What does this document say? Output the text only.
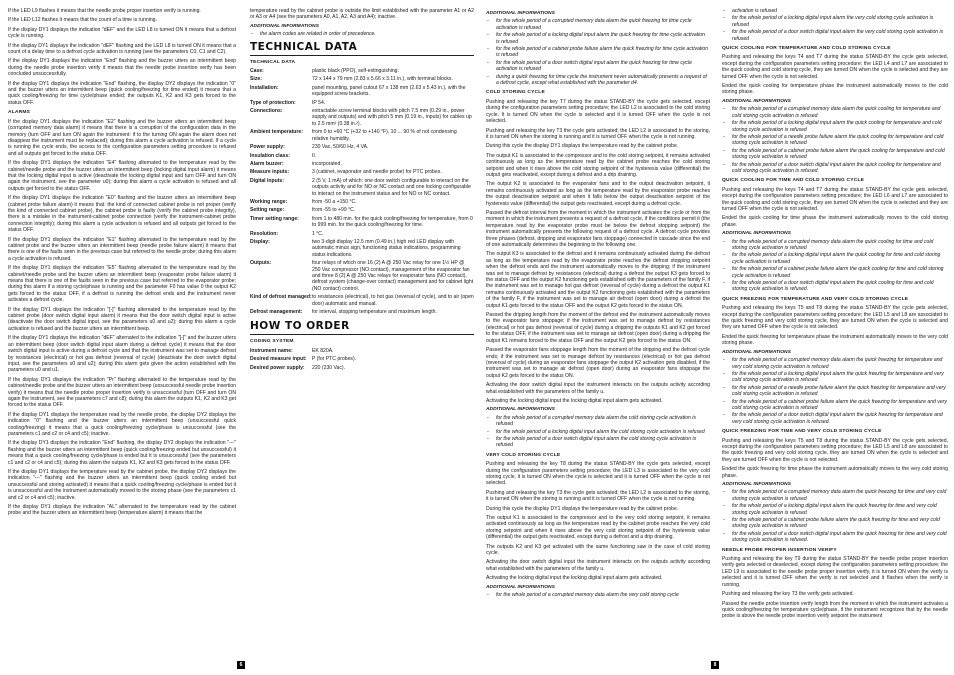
If the LED L9 flashes it means that the needle probe proper insertion verify is running.

If the LED L12 flashes it means that the count of a time is running.

If the display DY1 displays the indication "dEF" and the LED L8 is turned ON it means that a defrost cycle is running.

If the display DY1 displays the indication "dEF" flashing and the LED L8 is turned ON it means that a count of a delay time to a defrost cycle activation is running (see the parameters C0, C1 and C2).

If the display DY1 displays the indication "End" flashing and the buzzer utters an intermittent beep during the needle probe insertion verify it means that the needle probe insertion verify has been concluded unsuccessfully.

If the display DY1 displays the indication "End" flashing, the display DY2 displays the indication "0" and the buzzer utters an intermittent beep (quick cooling/freezing for time ended) it means that a quick cooling/freezing for time cycle/phase ended; the outputs K1, K2 and K3 gets forced to the status OFF.

ALARMS

If the display DY1 displays the indication "E2" flashing and the buzzer utters an intermittent beep (corrupted memory data alarm) it means that there is a corruption of the configuration data in the memory (turn OFF and turn ON again the instrument: if to the turning ON again the alarm does not disappear the instrument must be replaced); during this alarm a cycle activation is refused. If a cycle is running the cycle ends, the access to the configuration parameters setting procedure is refused and all outputs get forced to the status OFF.

If the display DY1 displays the indication "E4" flashing alternated to the temperature read by the cabinet/needle probe and the buzzer utters an intermittent beep (locking digital input alarm) it means that the locking digital input is active (deactivate the locking digital input and turn OFF and turn ON again the instrument, see the parameter u0); during this alarm a cycle activation is refused and all outputs get forced to the status OFF.

If the display DY1 displays the indication "E0" flashing and the buzzer utters an intermittent beep (cabinet probe failure alarm) it means that: the kind of connected cabinet probe is not proper (verify the kind of connected cabinet probe), the cabinet probe is faulty (verify the cabinet probe integrity), there is a mistake in the instrument-cabinet probe connection (verify the instrument-cabinet probe connection integrity); during this alarm a cycle activation is refused and all outputs get forced to the status OFF.

If the display DY1 displays the indication "E1" flashing alternated to the temperature read by the cabinet probe and the buzzer utters an intermittent beep (needle probe failure alarm) it means that there is one of the faults seen in the previous case but referred to the needle probe; during this alarm a cycle activation is refused.

If the display DY1 displays the indication "E5" flashing alternated to the temperature read by the cabinet/needle probe and the buzzer utters an intermittent beep (evaporator probe failure alarm) it means that there is one of the faults seen in the previous case but referred to the evaporator probe; during this alarm if a storing cycle/phase is running and the parameter F0 has value 0 the output K2 gets forced to the status OFF, if a defrost is running the defrost ends and the instrument never activates a defrost cycle.

If the display DY1 displays the indication "[-]" flashing alternated to the temperature read by the cabinet probe (door switch digital input alarm) it means that the door switch digital input is active (deactivate the door switch digital input, see the parameters u0 and u2); during this alarm a cycle activation is refused and the buzzer utters an intermittent beep.

If the display DY1 displays the indication "dEF" alternated to the indication "[-]" and the buzzer utters an intermittent beep (door switch digital input alarm during a defrost cycle) it means that the door switch digital input is active during a defrost cycle and that the instrument was set to manage defrost by resistances (electrical) or hot gas defrost (reversal of cycle) (deactivate the door switch digital input, see the parameters u0 and u2); during this alarm gets given the action established with the parameters u0 and u1.

If the display DY1 displays the indication "Pr" flashing alternated to the temperature read by the cabinet/needle probe and the buzzer utters an intermittent beep (unsuccessful needle probe insertion verify) it means that the needle probe proper insertion verify is unsuccessful (turn OFF and turn ON again the instrument, see the parameters c7 and c8); during this alarm the outputs K1, K2 and K3 get forced to the status OFF.

If the display DY1 displays the temperature read by the needle probe, the display DY2 displays the indication "0" flashing and the buzzer utters an intermittent beep (unsuccessful quick cooling/freezing) it means that a quick cooling/freezing cycle/phase is unsuccessful (see the parameters c1 and c2 or c4 and c5); inactive.

If the display DY1 displays the indication "End" flashing, the display DY2 displays the indication "---" flashing and the buzzer utters an intermittent beep (quick cooling/freezing ended but unsuccessful) it means that a quick cooling/freezing cycle/phase is ended but it is unsuccessful (see the parameters c1 and c2 or c4 and c5); during this alarm the outputs K1, K2 and K3 gets forced to the status OFF.

If the display DY1 displays the temperature read by the cabinet probe, the display DY2 displays the indication "---" flashing and the buzzer utters an intermittent beep (quick cooling ended but unsuccessful and storing activated) it means that a quick cooling/freezing cycle/phase is ended but it is unsuccessful and the instrument automatically moved to the storing phase (see the parameters c1 and c2 or c4 and c5); inactive.

If the display DY1 displays the indication "AL" alternated to the temperature read by the cabinet probe and the buzzer utters an intermittent beep (temperature alarm) it means that the

6

temperature read by the cabinet probe is outside the limit established with the parameter A1 or A2 or A3 or A4 (see the parameters A0, A1, A2, A3 and A4); inactive.

ADDITIONAL INFORMATIONS
- the alarm codes are related in order of precedence.
TECHNICAL DATA
TECHNICAL DATA
Case:	plastic black (PPO), self-extinguishing.
Size:	72 x 144 x 79 mm (2.83 x 5.66 x 3.11 in.), with terminal blocks.
Installation:	panel mounting, panel cutout 67 x 138 mm (2.63 x 5.43 in.), with the equipped screw brackets.
Type of protection:	IP 54.
Connections:	extractable screw terminal blocks with pitch 7.5 mm (0.29 in., power supply and outputs) and with pitch 5 mm (0.19 in., inputs) for cables up to 2.5 mm² (0.38 in.²).
Ambient temperature:	from 0 to +60 °C (+32 to +140 °F), 10 ... 90 % of not condensing relative humidity.
Power supply:	230 Vac, 50/60 Hz, 4 VA.
Insulation class:	II.
Alarm buzzer:	incorporated.
Measure inputs:	3 (cabinet, evaporator and needle probe) for PTC probes.
Digital inputs:	2 (5 V, 1 mA) of which: one door switch configurable to interact on the outputs activity and for NO or NC contact and one locking configurable to interact on the instrument status and for NO or NC contact.
Working range:	from -50 a +150 °C.
Setting range:	from -55 to +99 °C.
Timer setting range:	from 1 to 480 min. for the quick cooling/freezing for temperature, from 0 to 999 min. for the quick cooling/freezing for time.
Resolution:	1 °C.
Display:	two 3-digit display 12.5 mm (0.49 in.) high red LED display with automatic minus sign, functioning status indications, programming status indications.
Outputs:	four relays of which one 16 (2) A @ 250 Vac relay for one 1½ HP @ 250 Vac compressor (NO contact), management of the evaporator fan and three 8 (2) A @ 250 Vac relays for evaporator fans (NO contact), defrost system (change-over contact) management and for cabinet light (NO contact) control.
Kind of defrost managed:	to resistances (electrical), to hot gas (reversal of cycle), and to air (open door) automatic and manual.
Defrost management:	for interval, stopping temperature and maximum length.
HOW TO ORDER
CODING SYSTEM
Instrument name:	EK 820A.
Desired measure input:	P (for PTC probes).
Desired power supply:	220 (230 Vac).
ADDITIONAL INFORMATIONS
- for the whole period of a corrupted memory data alarm the quick freezing for time cycle activation is refused
- for the whole period of a locking digital input alarm the quick freezing for time cycle activation is refused
- for the whole period of a cabinet probe failure alarm the quick freezing for time cycle activation is refused
- for the whole period of a door switch digital input alarm the quick freezing for time cycle activation is refused
- during a quick freezing for time cycle the instrument never automatically presents a request of a defrost cycle, except what established with the parameter d4.
COLD STORING CYCLE

Pushing and releasing the key T7 during the status STAND-BY the cycle gets selected, except during the configuration parameters setting procedure; the LED L2 is associated to the cold storing cycle. It is turned ON when the cycle is selected and it is turned OFF when the cycle is not selected.

Pushing and releasing the key T3 the cycle gets activated; the LED L2 is associated to the storing, it is turned ON when the storing is running and it is turned OFF when the cycle is not running.

During this cycle the display DY1 displays the temperature read by the cabinet probe.

The output K1 is associated to the compressor and to the cold storing setpoint, it remains activated continuously as long as the temperature read by the cabinet probe reaches the cold storing setpoint and when it rises above the cold storing setpoint of the hysteresis value (differential) the output gets reactivated, except during a defrost and a drip draining.

The output K2 is associated to the evaporator fans and to the output deactivation setpoint, it remains continuously activated as long as the temperature read by the evaporator probe reaches the output deactivation setpoint and when it falls below the output deactivation setpoint of the hysteresis value (differential) the output gets reactivated, except during a defrost cycle.

Passed the defrost interval from the moment in which the instrument activates the cycle or from the moment in which the instrument presents a request of a defrost cycle, if the conditions permit it (the temperature read by the evaporator probe must be below the defrost stopping setpoint) the instrument automatically presents the following request of a defrost cycle. A defrost cycle provides three phases (defrost, dripping and evaporator fans stoppage) connected in cascade since the end of one automatically determines the beginning to the following one.

The output K3 is associated to the defrost and it remains continuously activated during the defrost as long as the temperature read by the evaporator probe reaches the defrost stopping setpoint when the defrost ends and the instrument automatically moves to the dripping; if the instrument was set to manage defrost by resistances (electrical) during a defrost the output K3 gets forced to the status OFF and the output K2 functioning gets established with the parameters of the family F, if the instrument was set to manage hot gas defrost (reversal of cycle) during a defrost the output K1 remains continuously activated and the output K2 functioning gets established with the parameters of the family F, if the instrument was set to manage air defrost (open door) during a defrost the output K1 gets forced to the status OFF and the output K2 gets forced to the status ON.

Passed the dripping length from the moment of the defrost end the instrument automatically moves to the evaporator fans stoppage; if the instrument was set to manage defrost by resistances (electrical) or hot gas defrost (reversal of cycle) during a dripping the outputs K1 and K2 get forced to the status OFF, if the instrument was set to manage air defrost (open door) during a dripping the output K1 remains forced to the status OFF and the output K2 gets forced to the status ON.

Passed the evaporator fans stoppage length from the moment of the dripping end the defrost cycle ends; if the instrument was set to manage defrost by resistances (electrical) or hot gas defrost (reversal of cycle) during an evaporator fans stoppage the output K2 activation gets disabled, if the instrument was set to manage air defrost (open door) during an evaporator fans stoppage the output K2 gets forced to the status ON.

Activating the door switch digital input the instrument interacts on the outputs activity according what established with the parameters of the family u.

Activating the locking digital input the locking digital input alarm gets activated.

ADDITIONAL INFORMATIONS
- for the whole period of a corrupted memory data alarm the cold storing cycle activation is refused
- for the whole period of a locking digital input alarm the cold storing cycle activation is refused
- for the whole period of a door switch digital input alarm the cold storing cycle activation is refused
VERY COLD STORING CYCLE

Pushing and releasing the key T8 during the status STAND-BY the cycle gets selected, except during the configuration parameters setting procedure; the LED L3 is associated to the very cold storing cycle, it is turned ON when the cycle is selected and it is turned OFF when the cycle is not selected.

Pushing and releasing the key T3 the cycle gets activated; the LED L2 is associated to the storing, it is turned ON when the storing is running and it is turned OFF when the cycle is not running.

During this cycle the display DY1 displays the temperature read by the cabinet probe.

The output K1 is associated to the compressor and to the very cold storing setpoint, it remains activated continuously as long as the temperature read by the cabinet probe reaches the very cold storing setpoint and when it rises above the very cold storing setpoint of the hysteresis value (differential) the output gets reactivated, except during a defrost and a drip draining.

The outputs K2 and K3 get activated with the same functioning saw in the case of cold storing cycle.

Activating the door switch digital input the instrument interacts on the outputs activity according what established with the parameters of the family u.

Activating the locking digital input the locking digital input alarm gets activated.

ADDITIONAL INFORMATIONS
- for the whole period of a corrupted memory data alarm the very cold storing cycle
- activation is refused
- for the whole period of a locking digital input alarm the very cold storing cycle activation is refused
- for the whole period of a door switch digital input alarm the very cold storing cycle activation is refused
QUICK COOLING FOR TEMPERATURE AND COLD STORING CYCLE

Pushing and releasing the keys T4 and T7 during the status STAND-BY the cycle gets selected, except during the configuration parameters setting procedure; the LED L4 and L7 are associated to the quick cooling and cold storing cycle, they are turned ON when the cycle is selected and they are turned OFF when the cycle is not selected.

Ended the quick cooling for temperature phase the instrument automatically moves to the cold storing phase.

ADDITIONAL INFORMATIONS
- for the whole period of a corrupted memory data alarm the quick cooling for temperature and cold storing cycle activation is refused
- for the whole period of a locking digital input alarm the quick cooling for temperature and cold storing cycle activation is refused
- for the whole period of a needle probe failure alarm the quick cooling for temperature and cold storing cycle activation is refused
- for the whole period of a cabinet probe failure alarm the quick cooling for temperature and cold storing cycle activation is refused
- for the whole period of a door switch digital input alarm the quick cooling for temperature and cold storing cycle activation is refused.
QUICK COOLING FOR TIME AND COLD STORING CYCLE

Pushing and releasing the keys T4 and T7 during the status STAND-BY the cycle gets selected, except during the configuration parameters setting procedure; the LED L6 and L7 are associated to the quick cooling and cold storing cycle, they are turned ON when the cycle is selected and they are turned OFF when the cycle is not selected.

Ended the quick cooling for time phase the instrument automatically moves to the cold storing phase.

ADDITIONAL INFORMATIONS
- for the whole period of a corrupted memory data alarm the quick cooling for time and cold storing cycle activation is refused
- for the whole period of a locking digital input alarm the quick cooling for time and cold storing cycle activation is refused
- for the whole period of a cabinet probe failure alarm the quick cooling for time and cold storing cycle activation is refused
- for the whole period of a door switch digital input alarm the quick cooling for time and cold storing cycle activation is refused.
QUICK FREEZING FOR TEMPERATURE AND VERY COLD STORING CYCLE

Pushing and releasing the keys T5 and T8 during the status STAND-BY the cycle gets selected, except during the configuration parameters setting procedure; the LED L5 and L8 are associated to the quick freezing and very cold storing cycle, they are turned ON when the cycle is selected and they are turned OFF when the cycle is not selected.

Ended the quick freezing for temperature phase the instrument automatically moves to the very cold storing phase.

ADDITIONAL INFORMATIONS
- for the whole period of a corrupted memory data alarm the quick freezing for temperature and very cold storing cycle activation is refused
- for the whole period of a locking digital input alarm the quick freezing for temperature and very cold storing cycle activation is refused
- for the whole period of a needle probe failure alarm the quick freezing for temperature and very cold storing cycle activation is refused
- for the whole period of a cabinet probe failure alarm the quick freezing for temperature and very cold storing cycle activation is refused
- for the whole period of a door switch digital input alarm the quick freezing for temperature and very cold storing cycle activation is refused.
QUICK FREEZING FOR TIME AND VERY COLD STORING CYCLE

Pushing and releasing the keys T5 and T8 during the status STAND-BY the cycle gets selected, except during the configuration parameters setting procedure; the LED L5 and L8 are associated to the quick freezing and very cold storing cycle, they are turned ON when the cycle is selected and they are turned OFF when the cycle is not selected.

Ended the quick freezing for time phase the instrument automatically moves to the very cold storing phase.

ADDITIONAL INFORMATIONS
- for the whole period of a corrupted memory data alarm the quick freezing for time and very cold storing cycle activation is refused
- for the whole period of a locking digital input alarm the quick freezing for time and very cold storing cycle activation is refused
- for the whole period of a cabinet probe failure alarm the quick freezing for time and very cold storing cycle activation is refused
- for the whole period of a door switch digital input alarm the quick freezing for time and very cold storing cycle activation is refused.
NEEDLE PROBE PROPER INSERTION VERIFY

Pushing and releasing the key T9 during the status STAND-BY the needle probe proper insertion verify gets selected or deselected, except during the configuration parameters setting procedure; the LED L9 is associated to the needle probe proper insertion verify, it is turned ON when the verify is selected and it is turned OFF when the verify is not selected and it flashes when the verify is running.

Pushing and releasing the key T3 the verify gets activated.

Passed the needle probe insertion verify length from the moment in which the instrument activates a quick cooling/freezing for temperature cycle/phase, if the instrument recognizes that by the needle probe is above the needle probe insertion verify setpoint the instrument

8
